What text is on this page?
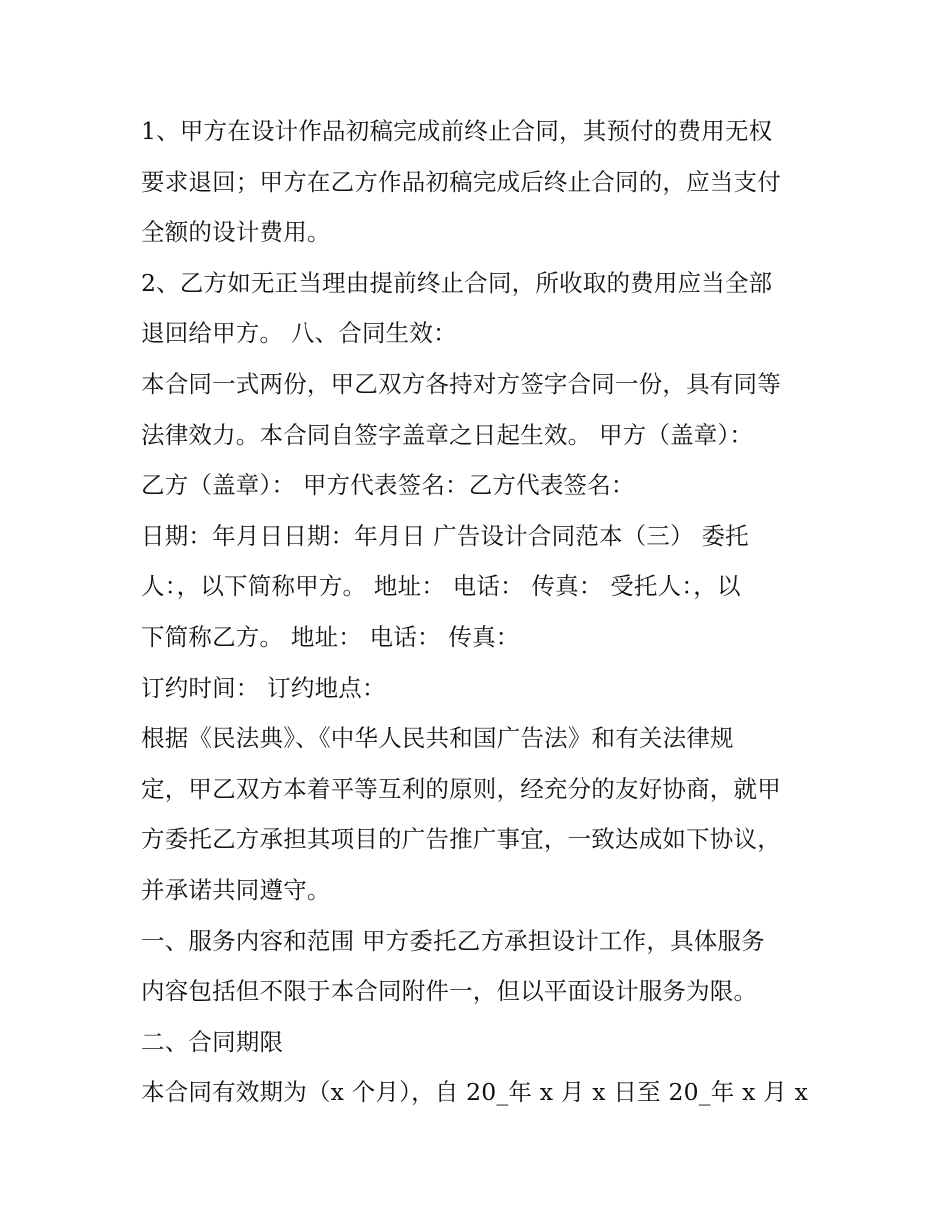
1、甲方在设计作品初稿完成前终止合同，其预付的费用无权
要求退回；甲方在乙方作品初稿完成后终止合同的，应当支付
全额的设计费用。
2、乙方如无正当理由提前终止合同，所收取的费用应当全部
退回给甲方。 八、合同生效：
本合同一式两份，甲乙双方各持对方签字合同一份，具有同等
法律效力。本合同自签字盖章之日起生效。 甲方（盖章）：
乙方（盖章）： 甲方代表签名：乙方代表签名：
日期：年月日日期：年月日 广告设计合同范本（三） 委托
人：，以下简称甲方。 地址： 电话： 传真： 受托人：，以
下简称乙方。 地址： 电话： 传真：
订约时间： 订约地点：
根据《民法典》、《中华人民共和国广告法》和有关法律规
定，甲乙双方本着平等互利的原则，经充分的友好协商，就甲
方委托乙方承担其项目的广告推广事宜，一致达成如下协议，
并承诺共同遵守。
一、服务内容和范围 甲方委托乙方承担设计工作，具体服务
内容包括但不限于本合同附件一，但以平面设计服务为限。
二、合同期限
本合同有效期为（x 个月），自 20_年 x 月 x 日至 20_年 x 月 x
